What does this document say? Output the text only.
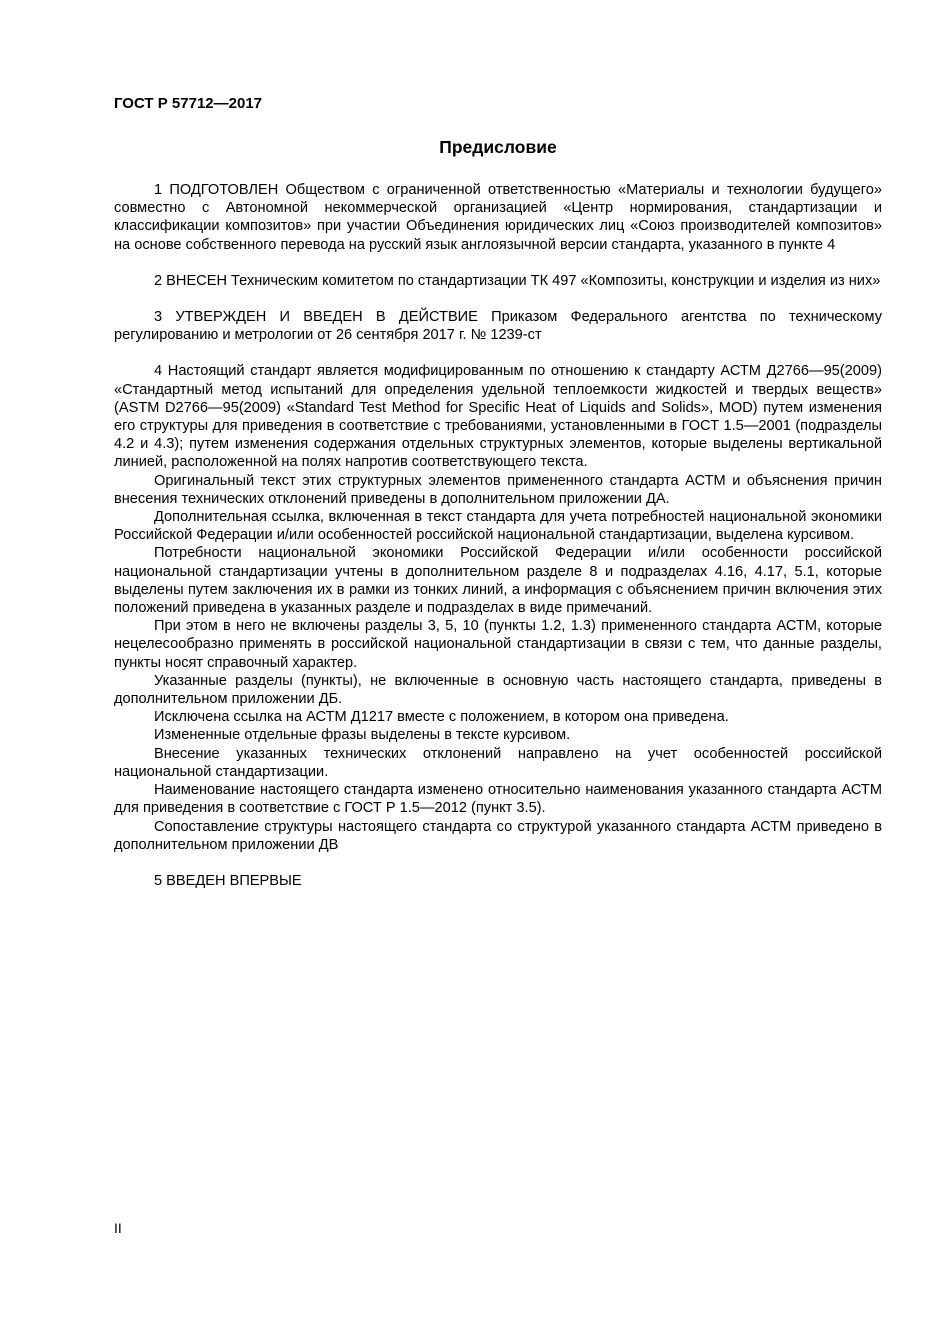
ГОСТ Р 57712—2017
Предисловие

1 ПОДГОТОВЛЕН Обществом с ограниченной ответственностью «Материалы и технологии будущего» совместно с Автономной некоммерческой организацией «Центр нормирования, стандартизации и классификации композитов» при участии Объединения юридических лиц «Союз производителей композитов» на основе собственного перевода на русский язык англоязычной версии стандарта, указанного в пункте 4

2 ВНЕСЕН Техническим комитетом по стандартизации ТК 497 «Композиты, конструкции и изделия из них»

3 УТВЕРЖДЕН И ВВЕДЕН В ДЕЙСТВИЕ Приказом Федерального агентства по техническому регулированию и метрологии от 26 сентября 2017 г. № 1239-ст

4 Настоящий стандарт является модифицированным по отношению к стандарту АСТМ Д2766—95(2009) «Стандартный метод испытаний для определения удельной теплоемкости жидкостей и твердых веществ» (ASTM D2766—95(2009) «Standard Test Method for Specific Heat of Liquids and Solids», MOD) путем изменения его структуры для приведения в соответствие с требованиями, установленными в ГОСТ 1.5—2001 (подразделы 4.2 и 4.3); путем изменения содержания отдельных структурных элементов, которые выделены вертикальной линией, расположенной на полях напротив соответствующего текста.

Оригинальный текст этих структурных элементов примененного стандарта АСТМ и объяснения причин внесения технических отклонений приведены в дополнительном приложении ДА.

Дополнительная ссылка, включенная в текст стандарта для учета потребностей национальной экономики Российской Федерации и/или особенностей российской национальной стандартизации, выделена курсивом.

Потребности национальной экономики Российской Федерации и/или особенности российской национальной стандартизации учтены в дополнительном разделе 8 и подразделах 4.16, 4.17, 5.1, которые выделены путем заключения их в рамки из тонких линий, а информация с объяснением причин включения этих положений приведена в указанных разделе и подразделах в виде примечаний.

При этом в него не включены разделы 3, 5, 10 (пункты 1.2, 1.3) примененного стандарта АСТМ, которые нецелесообразно применять в российской национальной стандартизации в связи с тем, что данные разделы, пункты носят справочный характер.

Указанные разделы (пункты), не включенные в основную часть настоящего стандарта, приведены в дополнительном приложении ДБ.

Исключена ссылка на АСТМ Д1217 вместе с положением, в котором она приведена.

Измененные отдельные фразы выделены в тексте курсивом.

Внесение указанных технических отклонений направлено на учет особенностей российской национальной стандартизации.

Наименование настоящего стандарта изменено относительно наименования указанного стандарта АСТМ для приведения в соответствие с ГОСТ Р 1.5—2012 (пункт 3.5).

Сопоставление структуры настоящего стандарта со структурой указанного стандарта АСТМ приведено в дополнительном приложении ДВ

5 ВВЕДЕН ВПЕРВЫЕ

II
